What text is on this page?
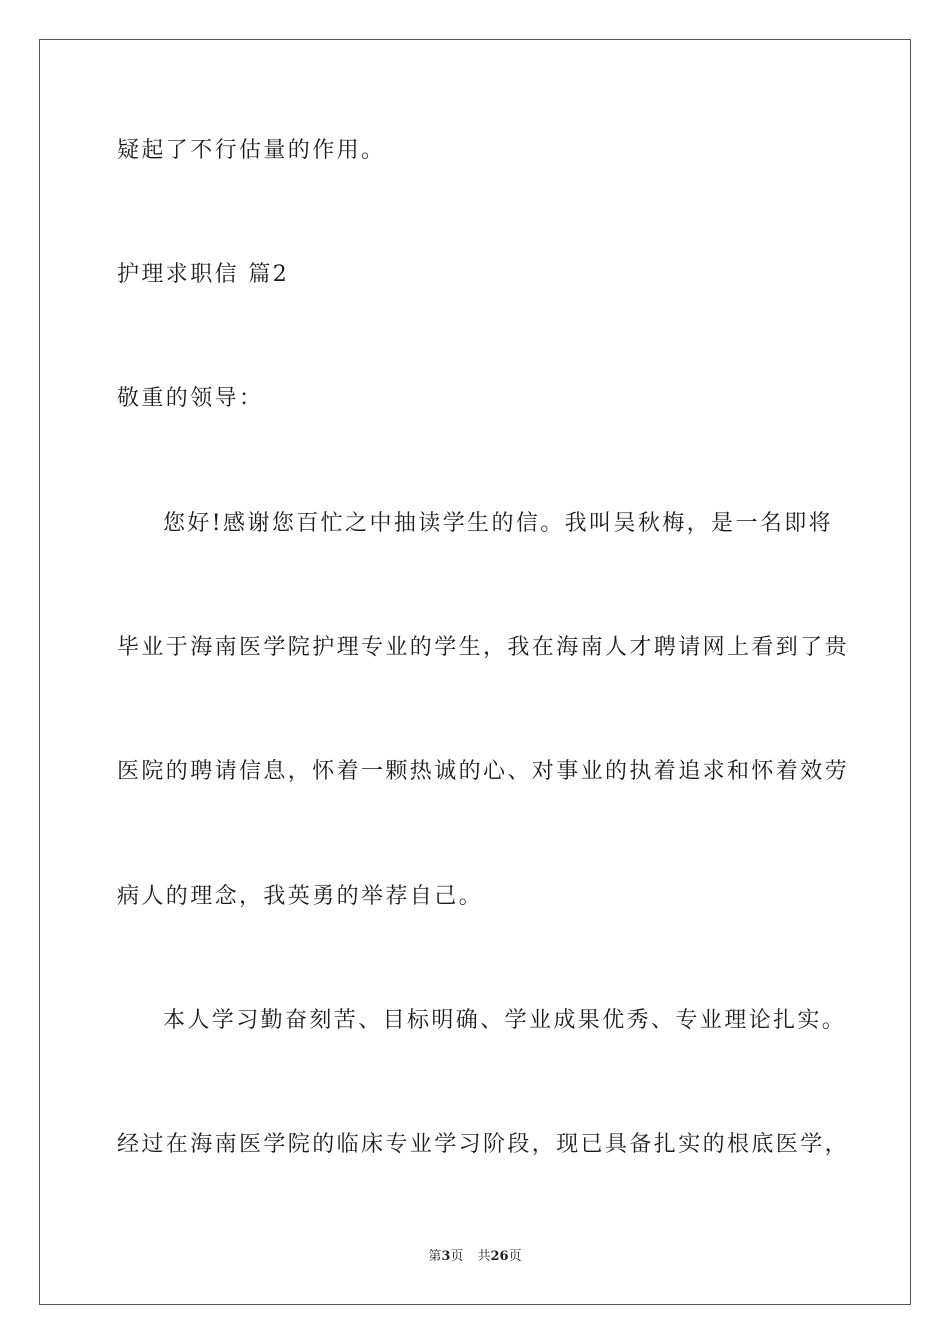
疑起了不行估量的作用。
护理求职信 篇2
敬重的领导：
您好!感谢您百忙之中抽读学生的信。我叫吴秋梅，是一名即将
毕业于海南医学院护理专业的学生，我在海南人才聘请网上看到了贵
医院的聘请信息，怀着一颗热诚的心、对事业的执着追求和怀着效劳
病人的理念，我英勇的举荐自己。
本人学习勤奋刻苦、目标明确、学业成果优秀、专业理论扎实。
经过在海南医学院的临床专业学习阶段，现已具备扎实的根底医学，
第3页 共26页
